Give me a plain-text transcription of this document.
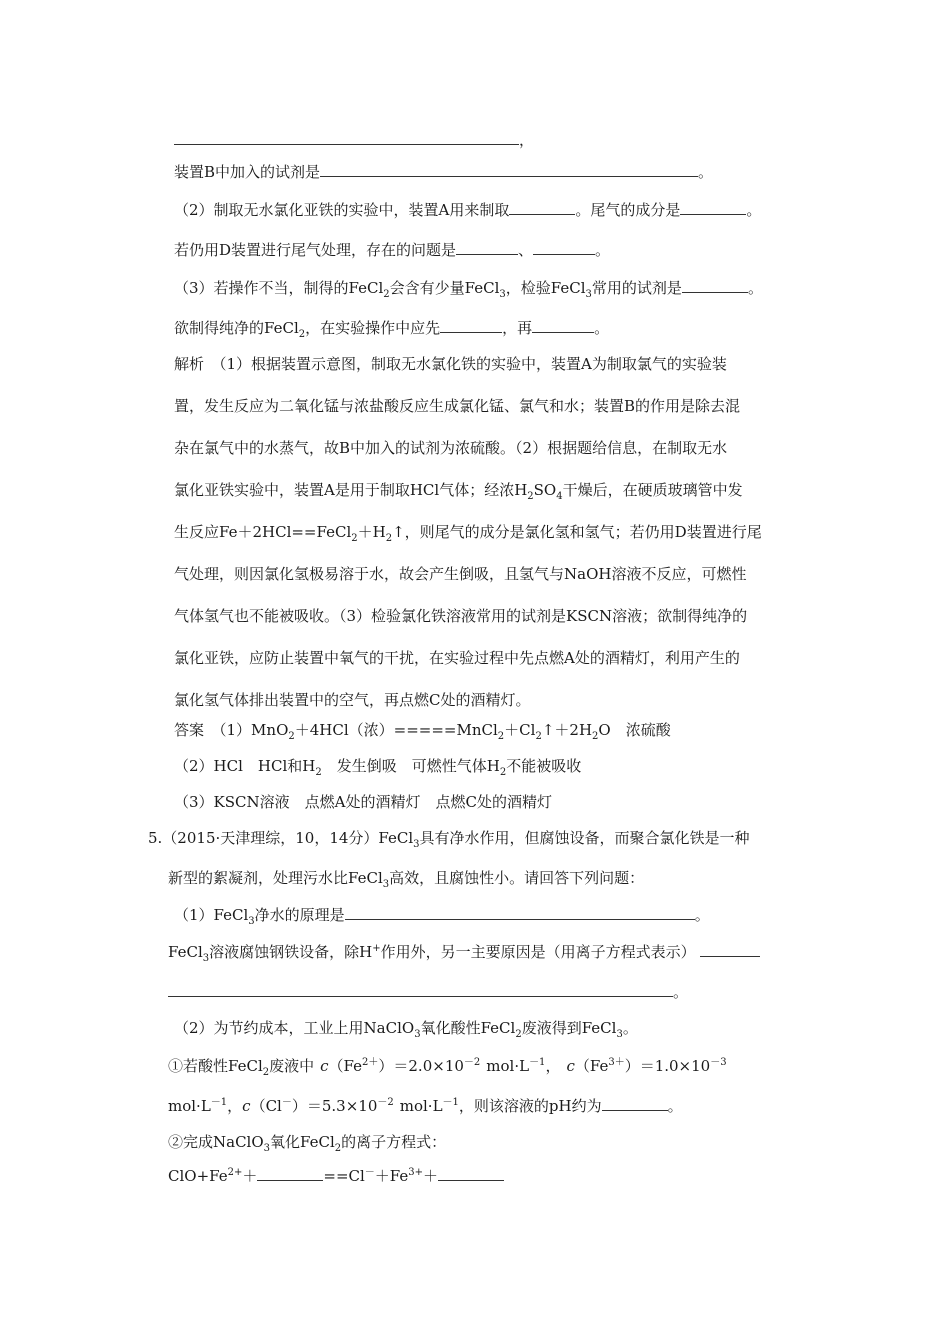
，
装置B中加入的试剂是	。
（2）制取无水氯化亚铁的实验中，装置A用来制取	。尾气的成分是	。
若仍用D装置进行尾气处理，存在的问题是	、	。
（3）若操作不当，制得的FeCl$_2$会含有少量FeCl$_3$，检验FeCl$_3$常用的试剂是	。
欲制得纯净的FeCl$_2$，在实验操作中应先	，再	。
解析　（1）根据装置示意图，制取无水氯化铁的实验中，装置A为制取氯气的实验装
置，发生反应为二氧化锰与浓盐酸反应生成氯化锰、氯气和水；装置B的作用是除去混
杂在氯气中的水蒸气，故B中加入的试剂为浓硫酸。（2）根据题给信息，在制取无水
氯化亚铁实验中，装置A是用于制取HCl气体；经浓$H_2SO_4$干燥后，在硬质玻璃管中发
生反应$Fe+2HCl==FeCl_2+H_2↑$，则尾气的成分是氯化氢和氢气；若仍用D装置进行尾
气处理，则因氯化氢极易溶于水，故会产生倒吸，且氢气与NaOH溶液不反应，可燃性
气体氢气也不能被吸收。（3）检验氯化铁溶液常用的试剂是KSCN溶液；欲制得纯净的
氯化亚铁，应防止装置中氧气的干扰，在实验过程中先点燃A处的酒精灯，利用产生的
氯化氢气体排出装置中的空气，再点燃C处的酒精灯。
答案　（1）MnO$_2$＋4HCl（浓）$=====MnCl_2+Cl_2↑+2H_2O$　浓硫酸
（2）HCl　HCl和$H_2$　发生倒吸　可燃性气体$H_2$不能被吸收
（3）KSCN溶液　点燃A处的酒精灯　点燃C处的酒精灯
5.（2015·天津理综，10，14分）FeCl$_3$具有净水作用，但腐蚀设备，而聚合氯化铁是一种
新型的絮凝剂，处理污水比FeCl$_3$高效，且腐蚀性小。请回答下列问题：
（1）FeCl$_3$净水的原理是	。
FeCl$_3$溶液腐蚀钢铁设备，除H+作用外，另一主要原因是（用离子方程式表示）
。
（2）为节约成本，工业上用NaClO$_3$氧化酸性FeCl$_2$废液得到FeCl$_3$。
①若酸性FeCl$_2$废液中 $c(Fe^{2+})=2.0\times 10^{-2}$ $mol\cdot L^{-1}$， $c(Fe^{3+})=1.0\times 10^{-3}$
$mol\cdot L^{-1}$，$c(Cl^-)=5.3\times 10^{-2}$ $mol\cdot L^{-1}$，则该溶液的pH约为	。
②完成NaClO$_3$氧化FeCl$_2$的离子方程式：
$ClO+Fe^{2+}+$	$==Cl^-+Fe^{3+}+$
